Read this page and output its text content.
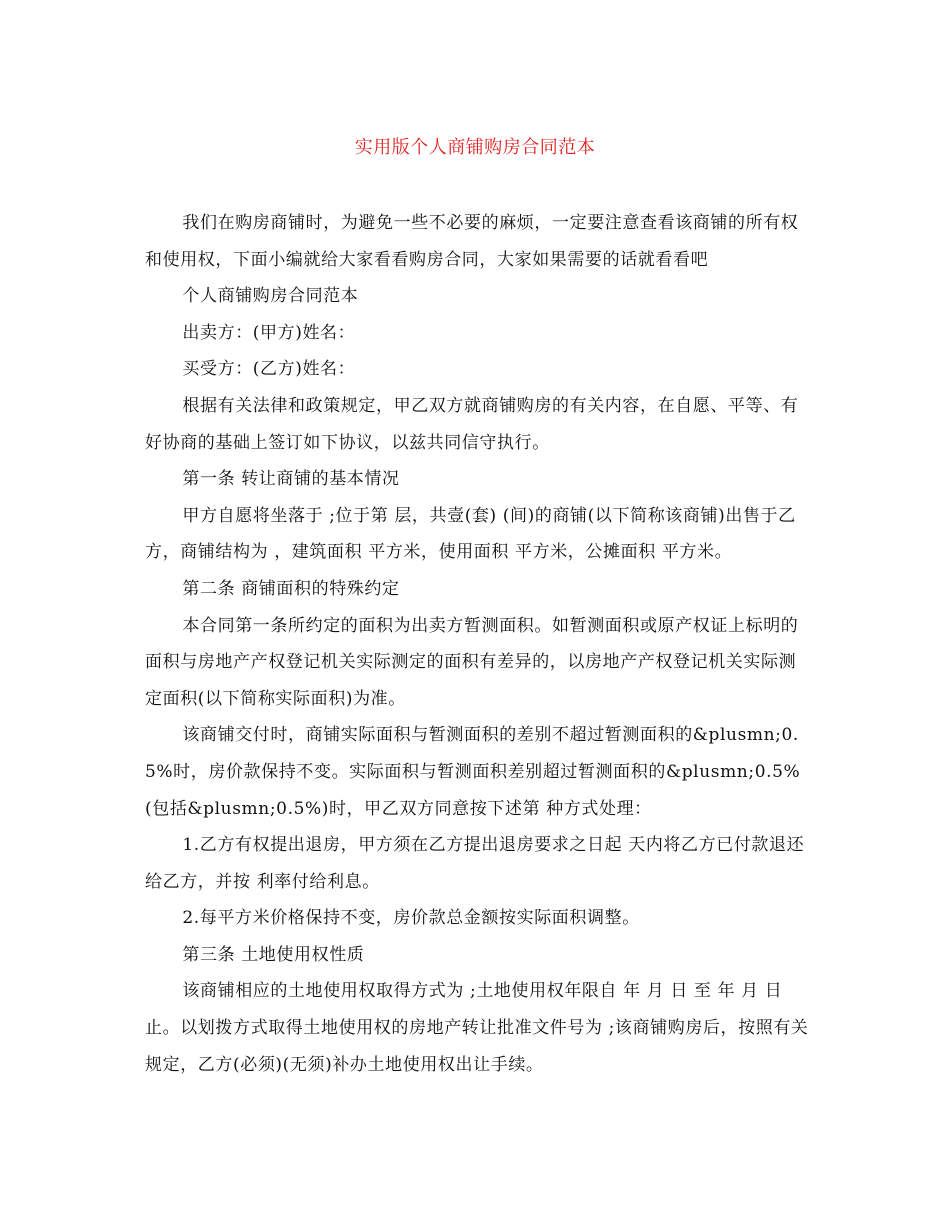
实用版个人商铺购房合同范本

我们在购房商铺时，为避免一些不必要的麻烦，一定要注意查看该商铺的所有权和使用权，下面小编就给大家看看购房合同，大家如果需要的话就看看吧

个人商铺购房合同范本

出卖方：(甲方)姓名：

买受方：(乙方)姓名：

根据有关法律和政策规定，甲乙双方就商铺购房的有关内容，在自愿、平等、有好协商的基础上签订如下协议，以兹共同信守执行。

第一条 转让商铺的基本情况

甲方自愿将坐落于 ;位于第 层，共壹(套) (间)的商铺(以下简称该商铺)出售于乙方，商铺结构为 ，建筑面积 平方米，使用面积 平方米，公摊面积 平方米。

第二条 商铺面积的特殊约定

本合同第一条所约定的面积为出卖方暂测面积。如暂测面积或原产权证上标明的面积与房地产产权登记机关实际测定的面积有差异的，以房地产产权登记机关实际测定面积(以下简称实际面积)为准。

该商铺交付时，商铺实际面积与暂测面积的差别不超过暂测面积的&plusmn;0.5%时，房价款保持不变。实际面积与暂测面积差别超过暂测面积的&plusmn;0.5%(包括&plusmn;0.5%)时，甲乙双方同意按下述第 种方式处理：

1.乙方有权提出退房，甲方须在乙方提出退房要求之日起 天内将乙方已付款退还给乙方，并按 利率付给利息。

2.每平方米价格保持不变，房价款总金额按实际面积调整。

第三条 土地使用权性质

该商铺相应的土地使用权取得方式为 ;土地使用权年限自 年 月 日 至 年 月 日止。以划拨方式取得土地使用权的房地产转让批准文件号为 ;该商铺购房后，按照有关规定，乙方(必须)(无须)补办土地使用权出让手续。
